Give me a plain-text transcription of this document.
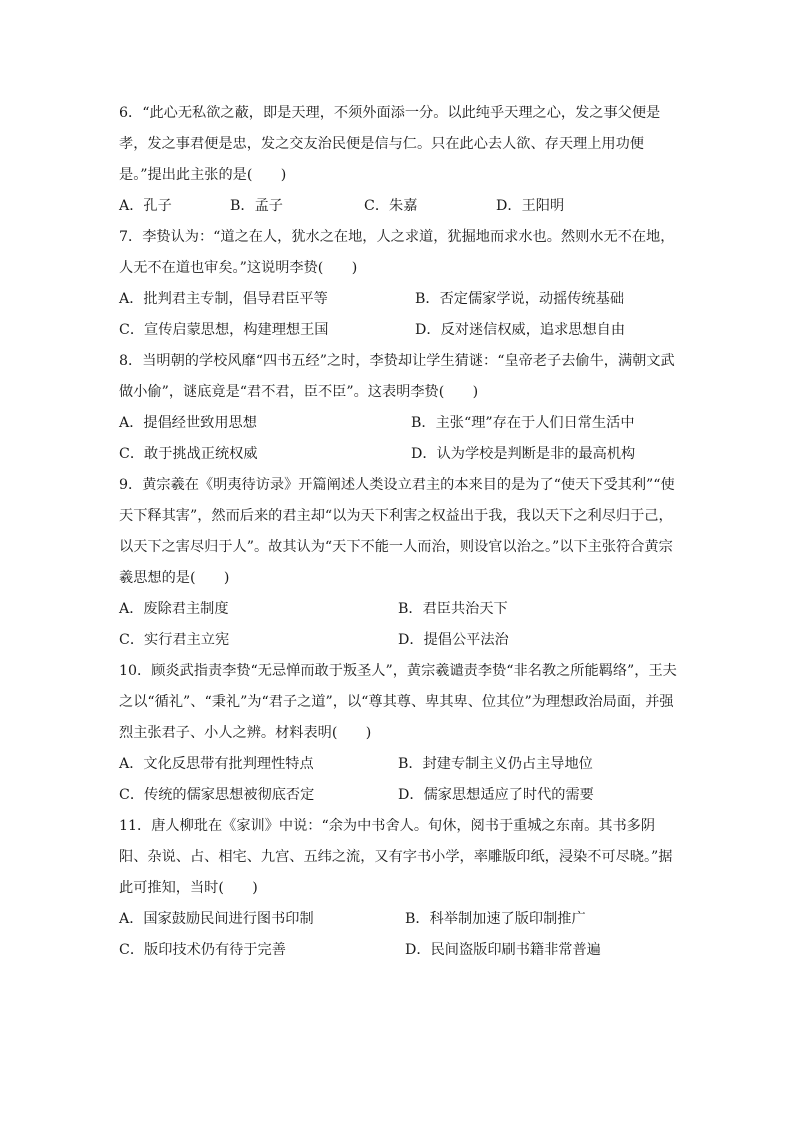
6．“此心无私欲之蔽，即是天理，不须外面添一分。以此纯乎天理之心，发之事父便是孝，发之事君便是忠，发之交友治民便是信与仁。只在此心去人欲、存天理上用功便是。”提出此主张的是(　　)

A．孔子	B．孟子	C．朱嘉	D．王阳明

7．李贽认为：“道之在人，犹水之在地，人之求道，犹掘地而求水也。然则水无不在地，人无不在道也审矣。”这说明李贽(　　)

A．批判君主专制，倡导君臣平等	B．否定儒家学说，动摇传统基础
C．宣传启蒙思想，构建理想王国	D．反对迷信权威，追求思想自由

8．当明朝的学校风靡“四书五经”之时，李贽却让学生猜谜：“皇帝老子去偷牛，满朝文武做小偷”，谜底竟是“君不君，臣不臣”。这表明李贽(　　)

A．提倡经世致用思想	B．主张“理”存在于人们日常生活中
C．敢于挑战正统权威	D．认为学校是判断是非的最高机构

9．黄宗羲在《明夷待访录》开篇阐述人类设立君主的本来目的是为了“使天下受其利”“使天下释其害”，然而后来的君主却“以为天下利害之权益出于我，我以天下之利尽归于己，以天下之害尽归于人”。故其认为“天下不能一人而治，则设官以治之。”以下主张符合黄宗羲思想的是(　　)

A．废除君主制度	B．君臣共治天下
C．实行君主立宪	D．提倡公平法治

10．顾炎武指责李贽“无忌惮而敢于叛圣人”，黄宗羲谴责李贽“非名教之所能羁络”，王夫之以“循礼”、“秉礼”为“君子之道”，以“尊其尊、卑其卑、位其位”为理想政治局面，并强烈主张君子、小人之辨。材料表明(　　)

A．文化反思带有批判理性特点	B．封建专制主义仍占主导地位
C．传统的儒家思想被彻底否定	D．儒家思想适应了时代的需要

11．唐人柳玭在《家训》中说：“余为中书舍人。旬休，阅书于重城之东南。其书多阴阳、杂说、占、相宅、九宫、五纬之流，又有字书小学，率雕版印纸，浸染不可尽晓。”据此可推知，当时(　　)

A．国家鼓励民间进行图书印制	B．科举制加速了版印制推广
C．版印技术仍有待于完善	D．民间盗版印刷书籍非常普遍
